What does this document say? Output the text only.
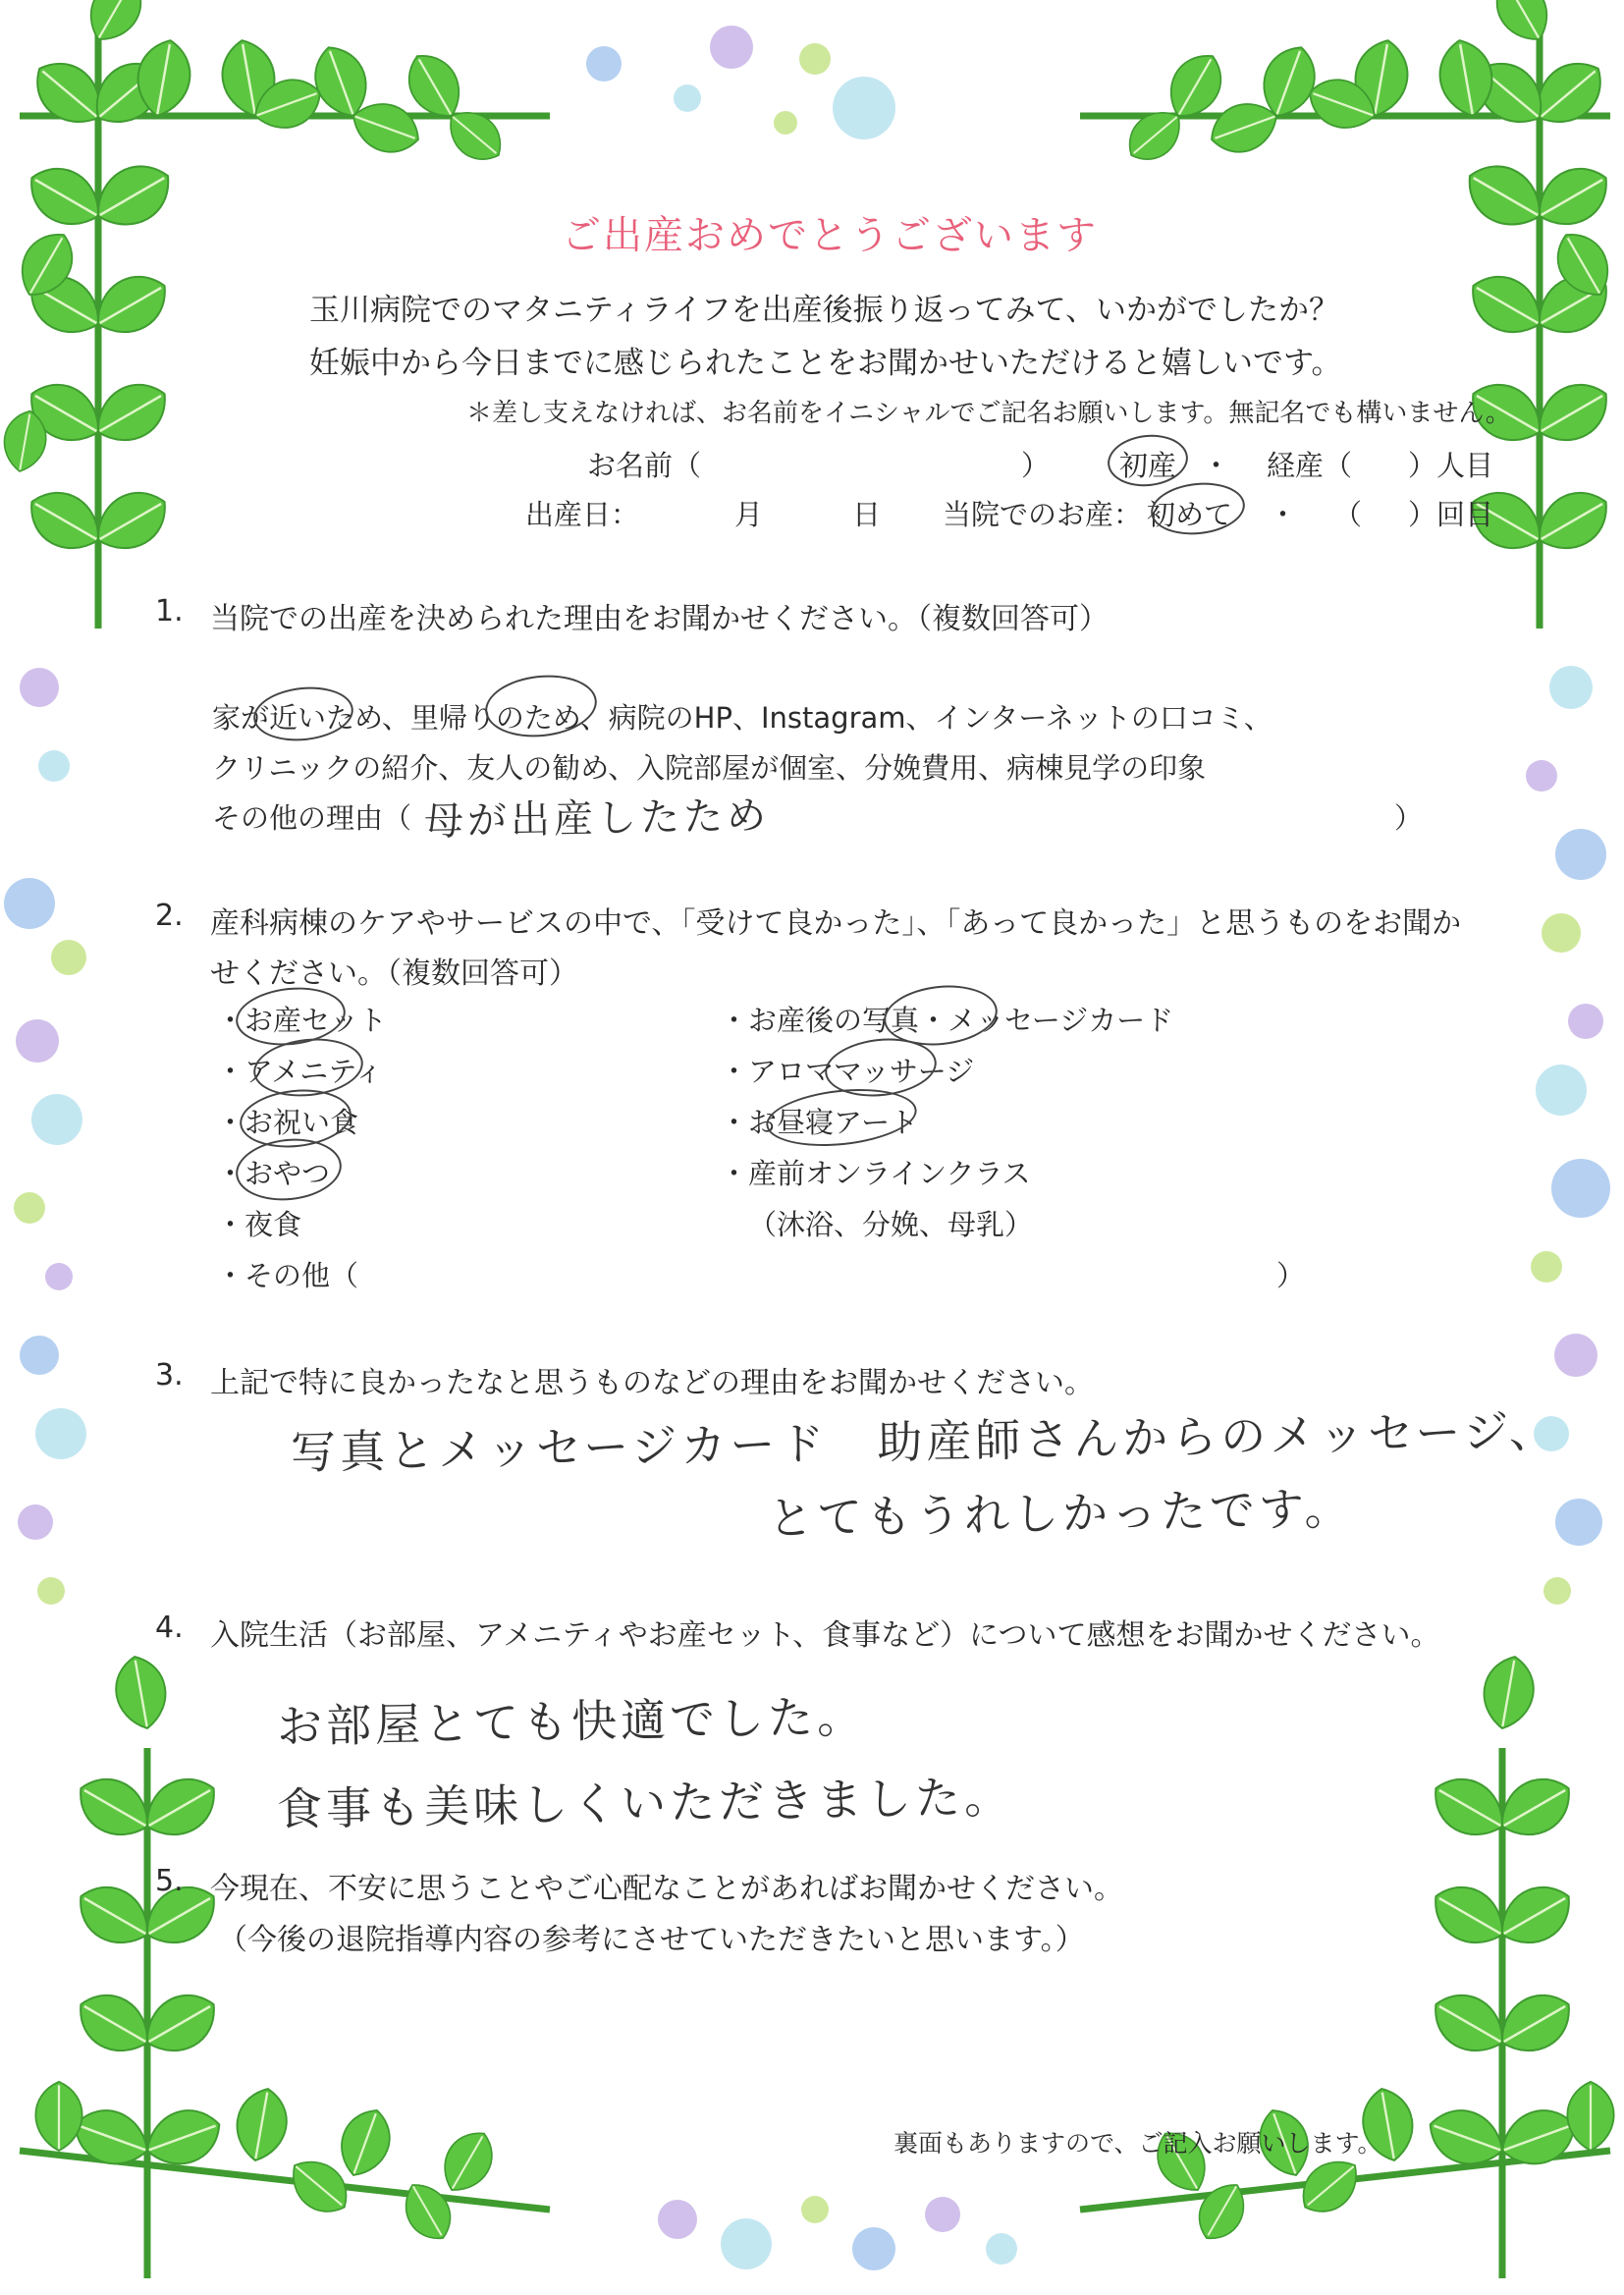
ご出産おめでとうございます
玉川病院でのマタニティライフを出産後振り返ってみて、いかがでしたか？
妊娠中から今日までに感じられたことをお聞かせいただけると嬉しいです。
＊差し支えなければ、お名前をイニシャルでご記名お願いします。無記名でも構いません。
お名前（	） 初産 ・ 経産（ ）人目
出産日：	月	日 当院でのお産： 初めて ・ （ ）回目
1. 当院での出産を決められた理由をお聞かせください。（複数回答可）
家が近いため、里帰りのため、病院のHP、Instagram、インターネットの口コミ、
クリニックの紹介、友人の勧め、入院部屋が個室、分娩費用、病棟見学の印象
その他の理由（ 母が出産したため	）
2. 産科病棟のケアやサービスの中で、「受けて良かった」、「あって良かった」と思うものをお聞か
せください。（複数回答可）
・お産セット
・アメニティ
・お祝い食
・おやつ
・夜食
・その他（	）
・お産後の写真・メッセージカード
・アロママッサージ
・お昼寝アート
・産前オンラインクラス
（沐浴、分娩、母乳）
3. 上記で特に良かったなと思うものなどの理由をお聞かせください。
写真とメッセージカード　助産師さんからのメッセージ、
とてもうれしかったです。
4. 入院生活（お部屋、アメニティやお産セット、食事など）について感想をお聞かせください。
お部屋とても快適でした。
食事も美味しくいただきました。
5. 今現在、不安に思うことやご心配なことがあればお聞かせください。
（今後の退院指導内容の参考にさせていただきたいと思います。）
裏面もありますので、ご記入お願いします。
